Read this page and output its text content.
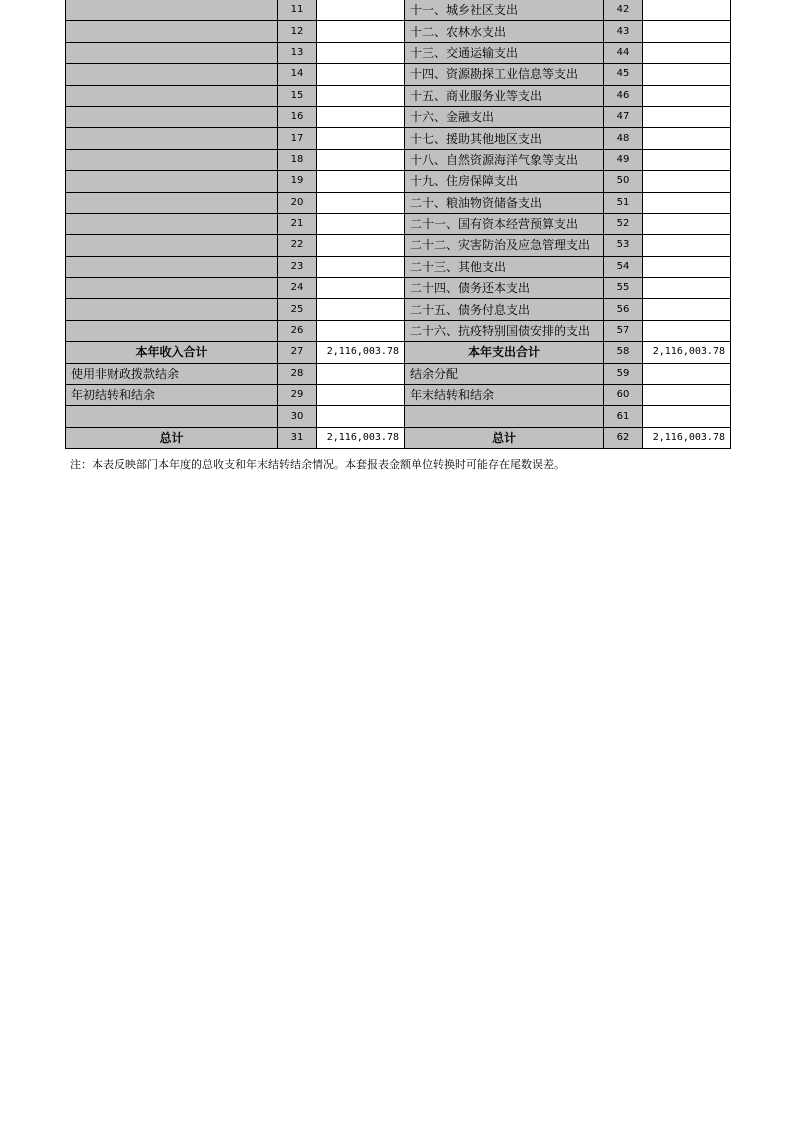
	11		十一、城乡社区支出	42	
	12		十二、农林水支出	43	
	13		十三、交通运输支出	44	
	14		十四、资源勘探工业信息等支出	45	
	15		十五、商业服务业等支出	46	
	16		十六、金融支出	47	
	17		十七、援助其他地区支出	48	
	18		十八、自然资源海洋气象等支出	49	
	19		十九、住房保障支出	50	
	20		二十、粮油物资储备支出	51	
	21		二十一、国有资本经营预算支出	52	
	22		二十二、灾害防治及应急管理支出	53	
	23		二十三、其他支出	54	
	24		二十四、债务还本支出	55	
	25		二十五、债务付息支出	56	
	26		二十六、抗疫特别国债安排的支出	57	
本年收入合计	27	2,116,003.78	本年支出合计	58	2,116,003.78
使用非财政拨款结余	28		结余分配	59	
年初结转和结余	29		年末结转和结余	60	
	30			61	
总计	31	2,116,003.78	总计	62	2,116,003.78
注：本表反映部门本年度的总收支和年末结转结余情况。本套报表金额单位转换时可能存在尾数误差。
